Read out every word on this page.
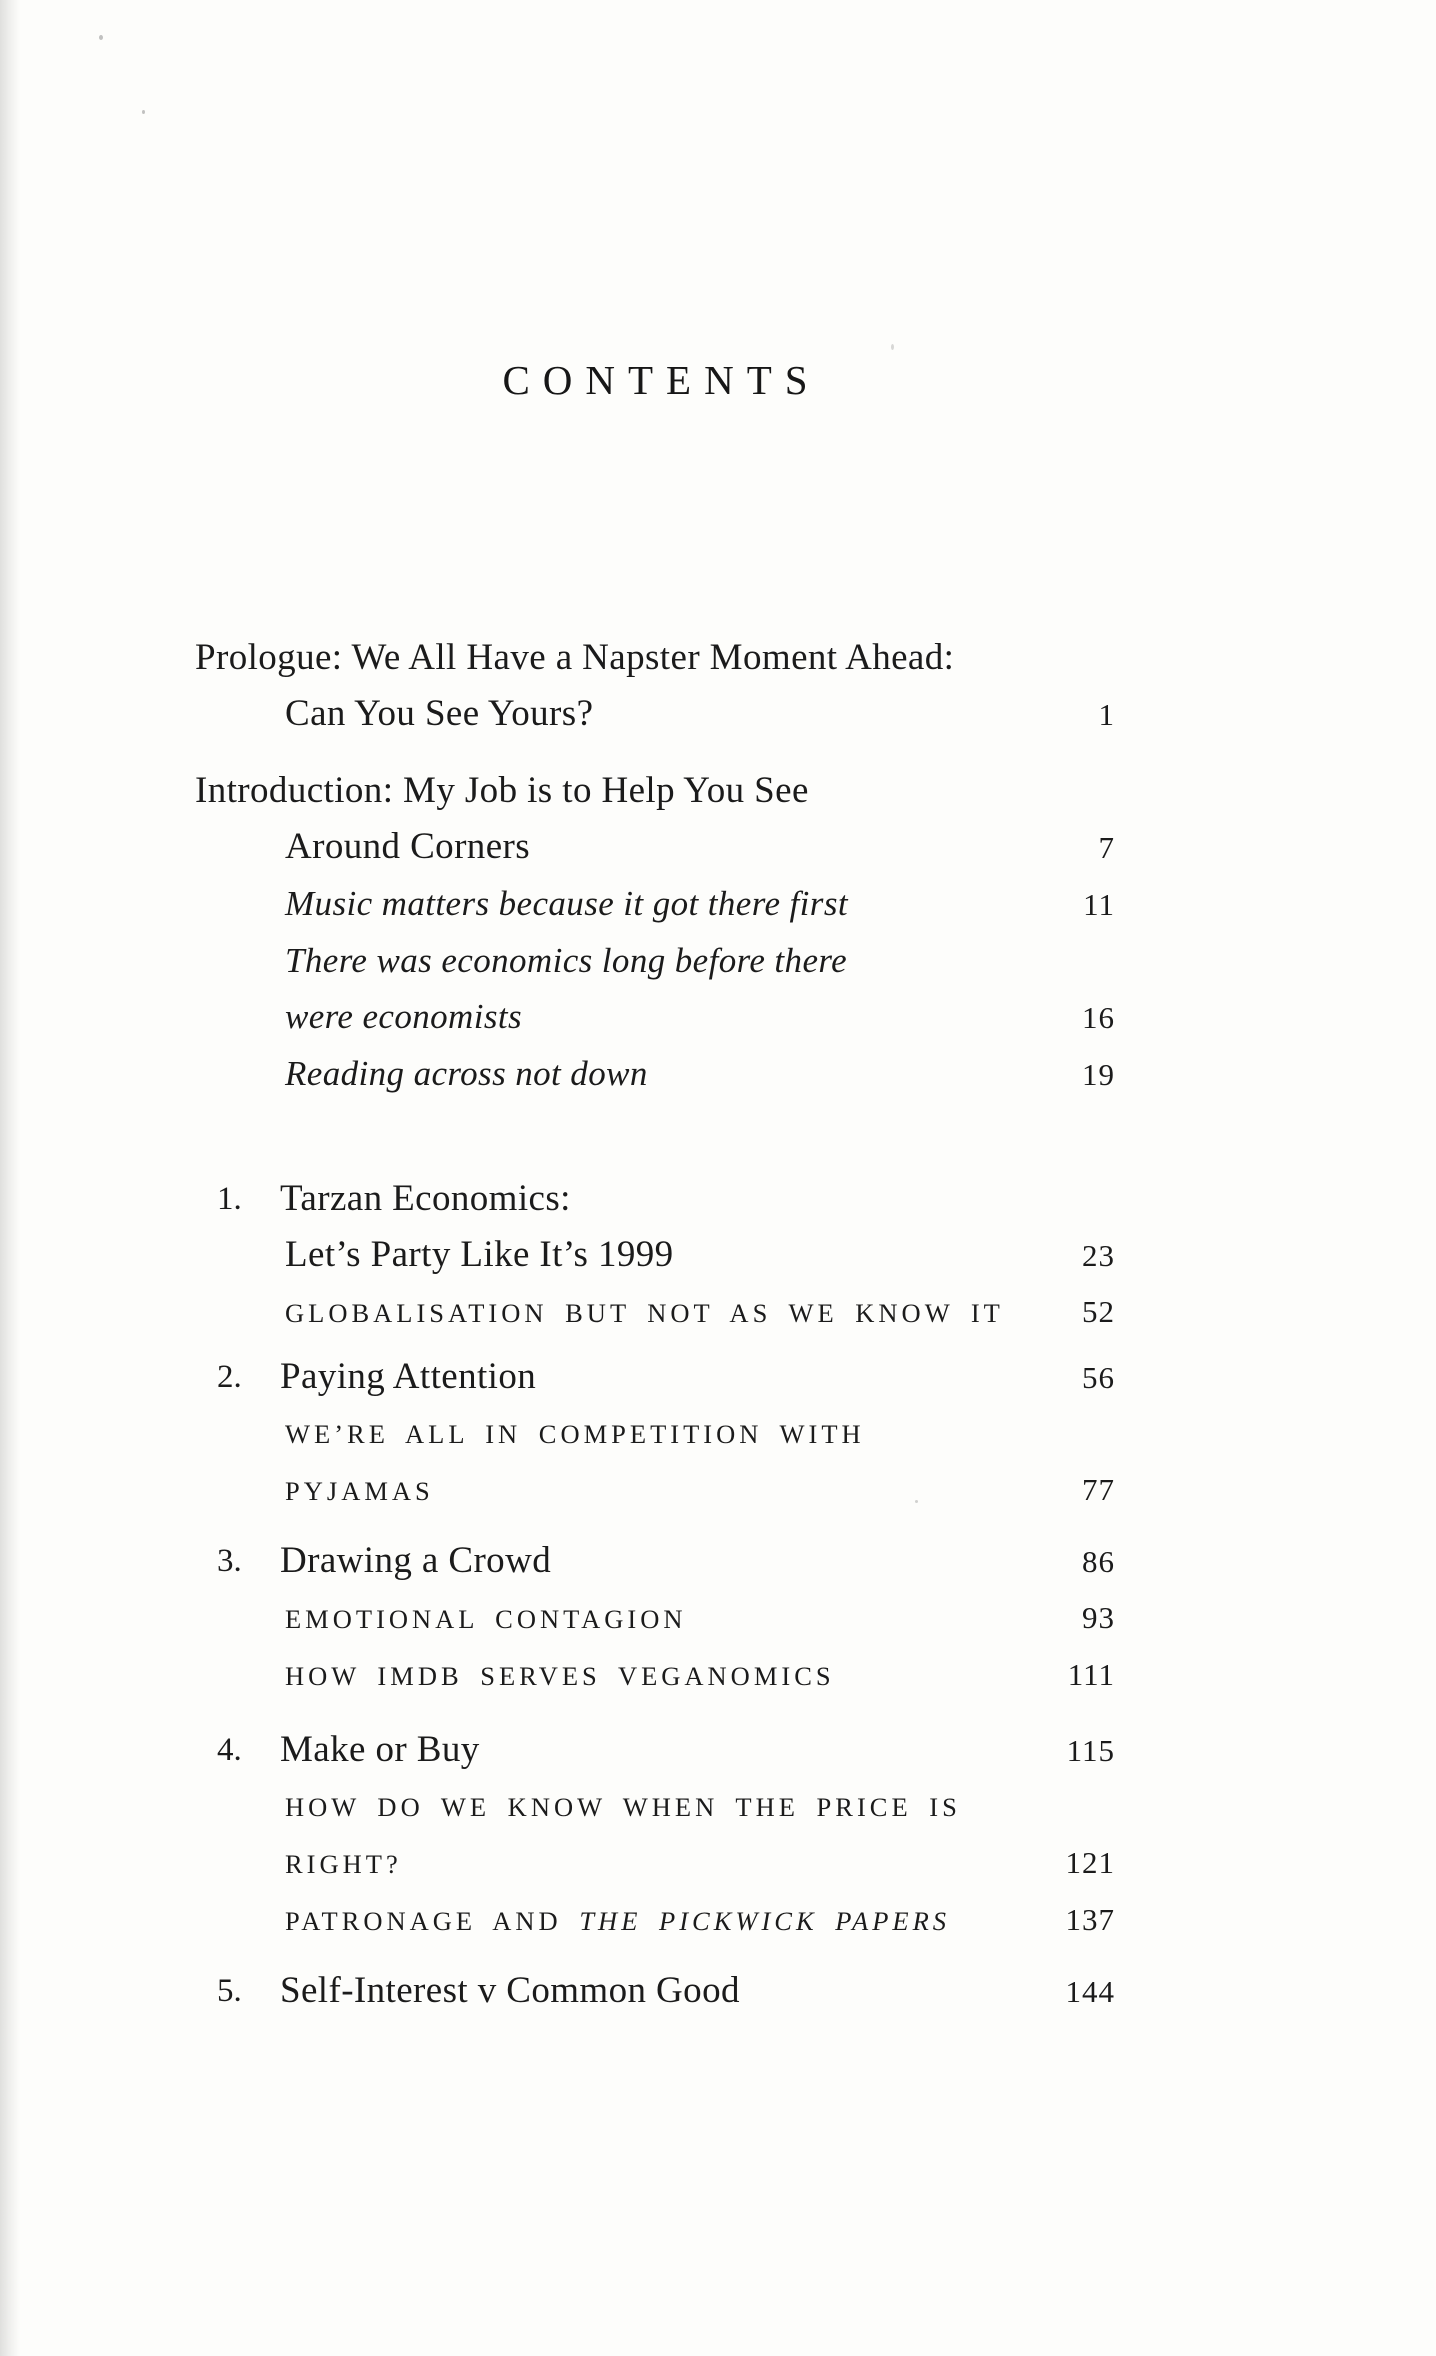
CONTENTS
Prologue: We All Have a Napster Moment Ahead:
Can You See Yours?	1
Introduction: My Job is to Help You See
Around Corners	7
Music matters because it got there first	11
There was economics long before there
were economists	16
Reading across not down	19
1.	Tarzan Economics:
Let’s Party Like It’s 1999	23
GLOBALISATION BUT NOT AS WE KNOW IT	52
2.	Paying Attention	56
WE’RE ALL IN COMPETITION WITH
PYJAMAS	77
3.	Drawing a Crowd	86
EMOTIONAL CONTAGION	93
HOW IMDB SERVES VEGANOMICS	111
4.	Make or Buy	115
HOW DO WE KNOW WHEN THE PRICE IS
RIGHT?	121
PATRONAGE AND THE PICKWICK PAPERS	137
5.	Self-Interest v Common Good	144
